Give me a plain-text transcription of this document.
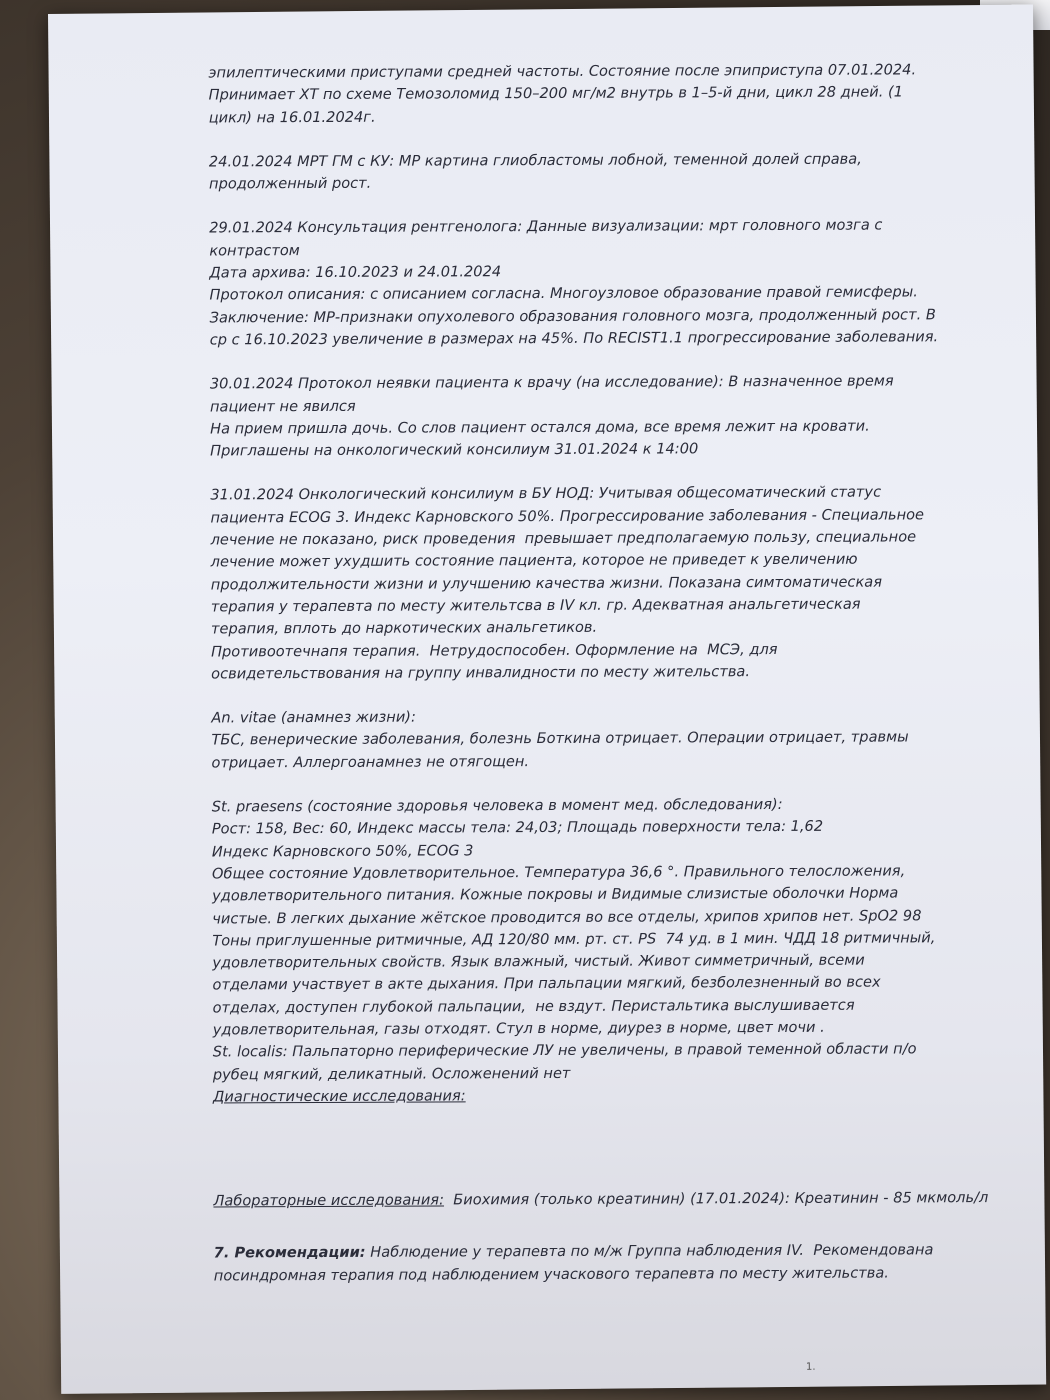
эпилептическими приступами средней частоты. Состояние после эпиприступа 07.01.2024.

Принимает ХТ по схеме Темозоломид 150–200 мг/м2 внутрь в 1–5-й дни, цикл 28 дней. (1

цикл) на 16.01.2024г.

24.01.2024 МРТ ГМ с КУ: МР картина глиобластомы лобной, теменной долей справа,

продолженный рост.

29.01.2024 Консультация рентгенолога: Данные визуализации: мрт головного мозга с

контрастом

Дата архива: 16.10.2023 и 24.01.2024

Протокол описания: с описанием согласна. Многоузловое образование правой гемисферы.

Заключение: МР-признаки опухолевого образования головного мозга, продолженный рост. В

ср с 16.10.2023 увеличение в размерах на 45%. По RECIST1.1 прогрессирование заболевания.

30.01.2024 Протокол неявки пациента к врачу (на исследование): В назначенное время

пациент не явился

На прием пришла дочь. Со слов пациент остался дома, все время лежит на кровати.

Приглашены на онкологический консилиум 31.01.2024 к 14:00

31.01.2024 Онкологический консилиум в БУ НОД: Учитывая общесоматический статус

пациента ECOG 3. Индекс Карновского 50%. Прогрессирование заболевания - Специальное

лечение не показано, риск проведения  превышает предполагаемую пользу, специальное

лечение может ухудшить состояние пациента, которое не приведет к увеличению

продолжительности жизни и улучшению качества жизни. Показана симтоматическая

терапия у терапевта по месту жительтсва в IV кл. гр. Адекватная анальгетическая

терапия, вплоть до наркотических анальгетиков.

Противоотечнапя терапия.  Нетрудоспособен. Оформление на  МСЭ, для

освидетельствования на группу инвалидности по месту жительства.

An. vitae (анамнез жизни):

ТБС, венерические заболевания, болезнь Боткина отрицает. Операции отрицает, травмы

отрицает. Аллергоанамнез не отягощен.

St. praesens (состояние здоровья человека в момент мед. обследования):

Рост: 158, Вес: 60, Индекс массы тела: 24,03; Площадь поверхности тела: 1,62

Индекс Карновского 50%, ECOG 3

Общее состояние Удовлетворительное. Температура 36,6 °. Правильного телосложения,

удовлетворительного питания. Кожные покровы и Видимые слизистые оболочки Норма

чистые. В легких дыхание жётское проводится во все отделы, хрипов хрипов нет. SpO2 98

Тоны приглушенные ритмичные, АД 120/80 мм. рт. ст. PS  74 уд. в 1 мин. ЧДД 18 ритмичный,

удовлетворительных свойств. Язык влажный, чистый. Живот симметричный, всеми

отделами участвует в акте дыхания. При пальпации мягкий, безболезненный во всех

отделах, доступен глубокой пальпации,  не вздут. Перистальтика выслушивается

удовлетворительная, газы отходят. Стул в норме, диурез в норме, цвет мочи .

St. localis: Пальпаторно периферические ЛУ не увеличены, в правой теменной области п/о

рубец мягкий, деликатный. Осложенений нет

Диагностические исследования:

Лабораторные исследования:  Биохимия (только креатинин) (17.01.2024): Креатинин - 85 мкмоль/л

7. Рекомендации: Наблюдение у терапевта по м/ж Группа наблюдения IV.  Рекомендована

посиндромная терапия под наблюдением учаскового терапевта по месту жительства.

1.
